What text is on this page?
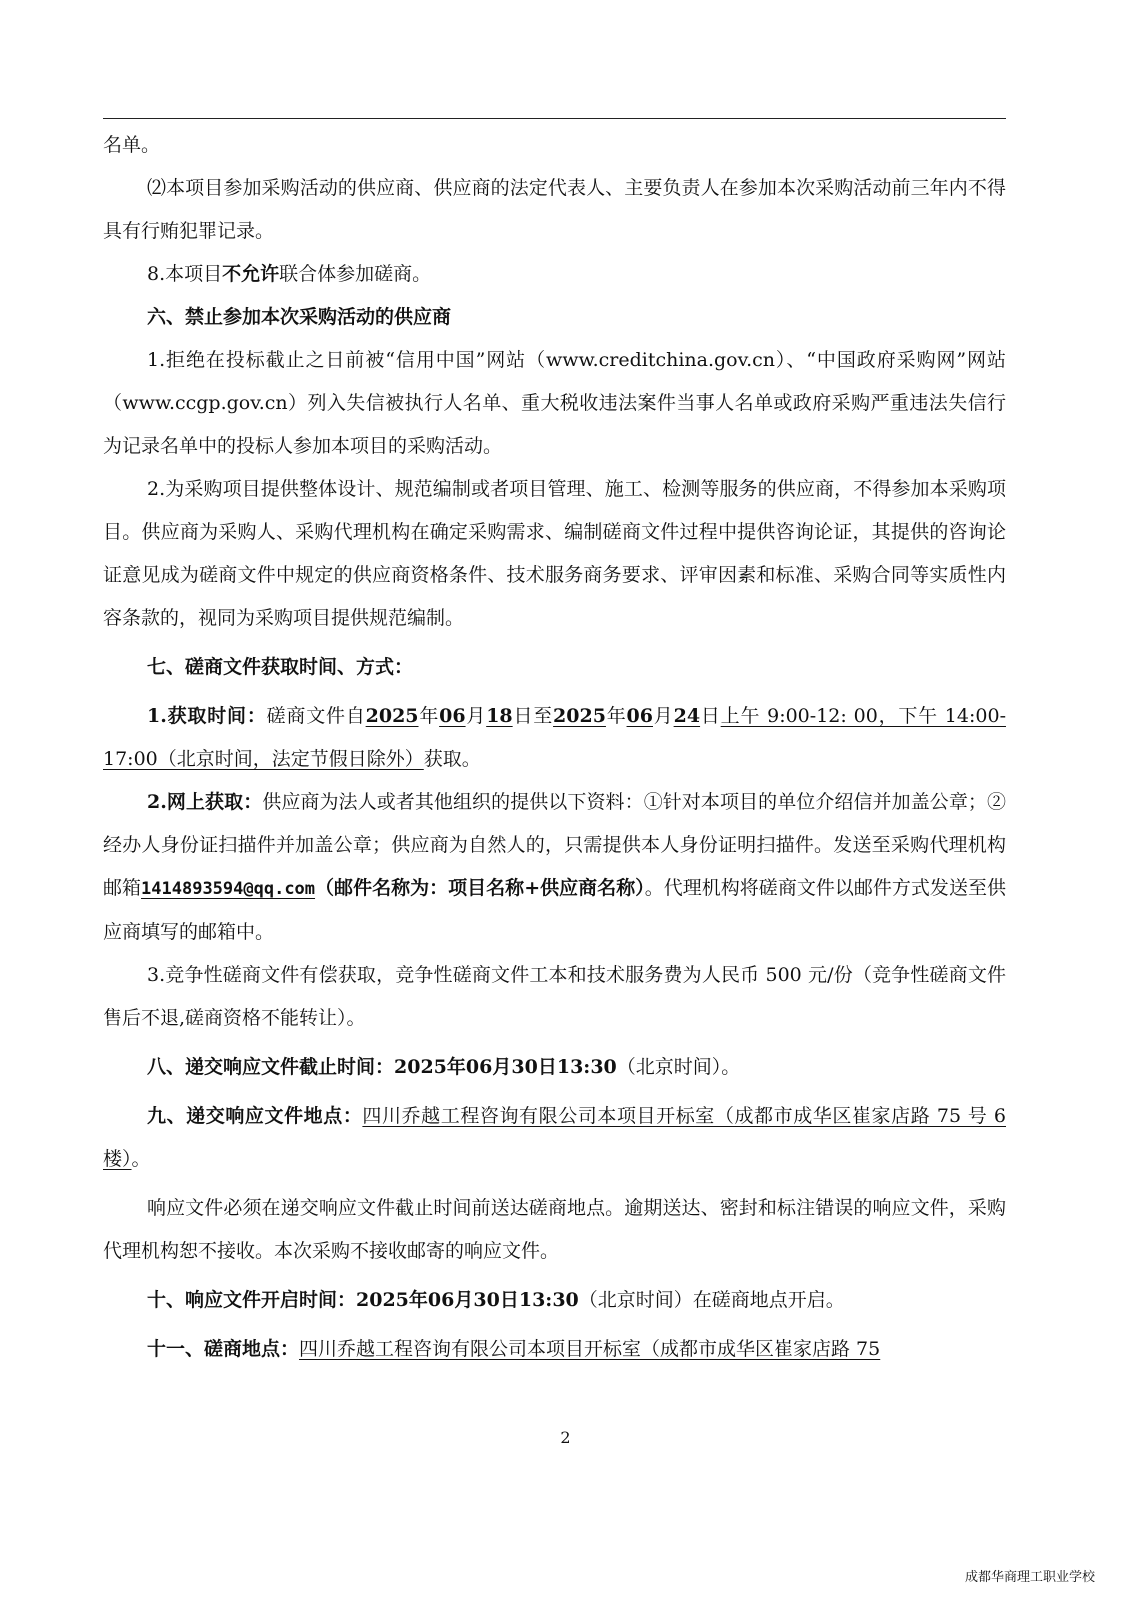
名单。

⑵本项目参加采购活动的供应商、供应商的法定代表人、主要负责人在参加本次采购活动前三年内不得具有行贿犯罪记录。

8.本项目不允许联合体参加磋商。

六、禁止参加本次采购活动的供应商

1.拒绝在投标截止之日前被“信用中国”网站（www.creditchina.gov.cn）、“中国政府采购网”网站（www.ccgp.gov.cn）列入失信被执行人名单、重大税收违法案件当事人名单或政府采购严重违法失信行为记录名单中的投标人参加本项目的采购活动。

2.为采购项目提供整体设计、规范编制或者项目管理、施工、检测等服务的供应商，不得参加本采购项目。供应商为采购人、采购代理机构在确定采购需求、编制磋商文件过程中提供咨询论证，其提供的咨询论证意见成为磋商文件中规定的供应商资格条件、技术服务商务要求、评审因素和标准、采购合同等实质性内容条款的，视同为采购项目提供规范编制。

七、磋商文件获取时间、方式：

1.获取时间：磋商文件自2025年06月18日至2025年06月24日上午 9:00-12: 00，下午 14:00-17:00（北京时间，法定节假日除外）获取。

2.网上获取：供应商为法人或者其他组织的提供以下资料：①针对本项目的单位介绍信并加盖公章；②经办人身份证扫描件并加盖公章；供应商为自然人的，只需提供本人身份证明扫描件。发送至采购代理机构邮箱1414893594@qq.com（邮件名称为：项目名称+供应商名称）。代理机构将磋商文件以邮件方式发送至供应商填写的邮箱中。

3.竞争性磋商文件有偿获取，竞争性磋商文件工本和技术服务费为人民币 500 元/份（竞争性磋商文件售后不退,磋商资格不能转让）。

八、递交响应文件截止时间：2025年06月30日13:30（北京时间）。

九、递交响应文件地点：四川乔越工程咨询有限公司本项目开标室（成都市成华区崔家店路 75 号 6 楼）。

响应文件必须在递交响应文件截止时间前送达磋商地点。逾期送达、密封和标注错误的响应文件，采购代理机构恕不接收。本次采购不接收邮寄的响应文件。

十、响应文件开启时间：2025年06月30日13:30（北京时间）在磋商地点开启。

十一、磋商地点：四川乔越工程咨询有限公司本项目开标室（成都市成华区崔家店路 75

2
成都华商理工职业学校
